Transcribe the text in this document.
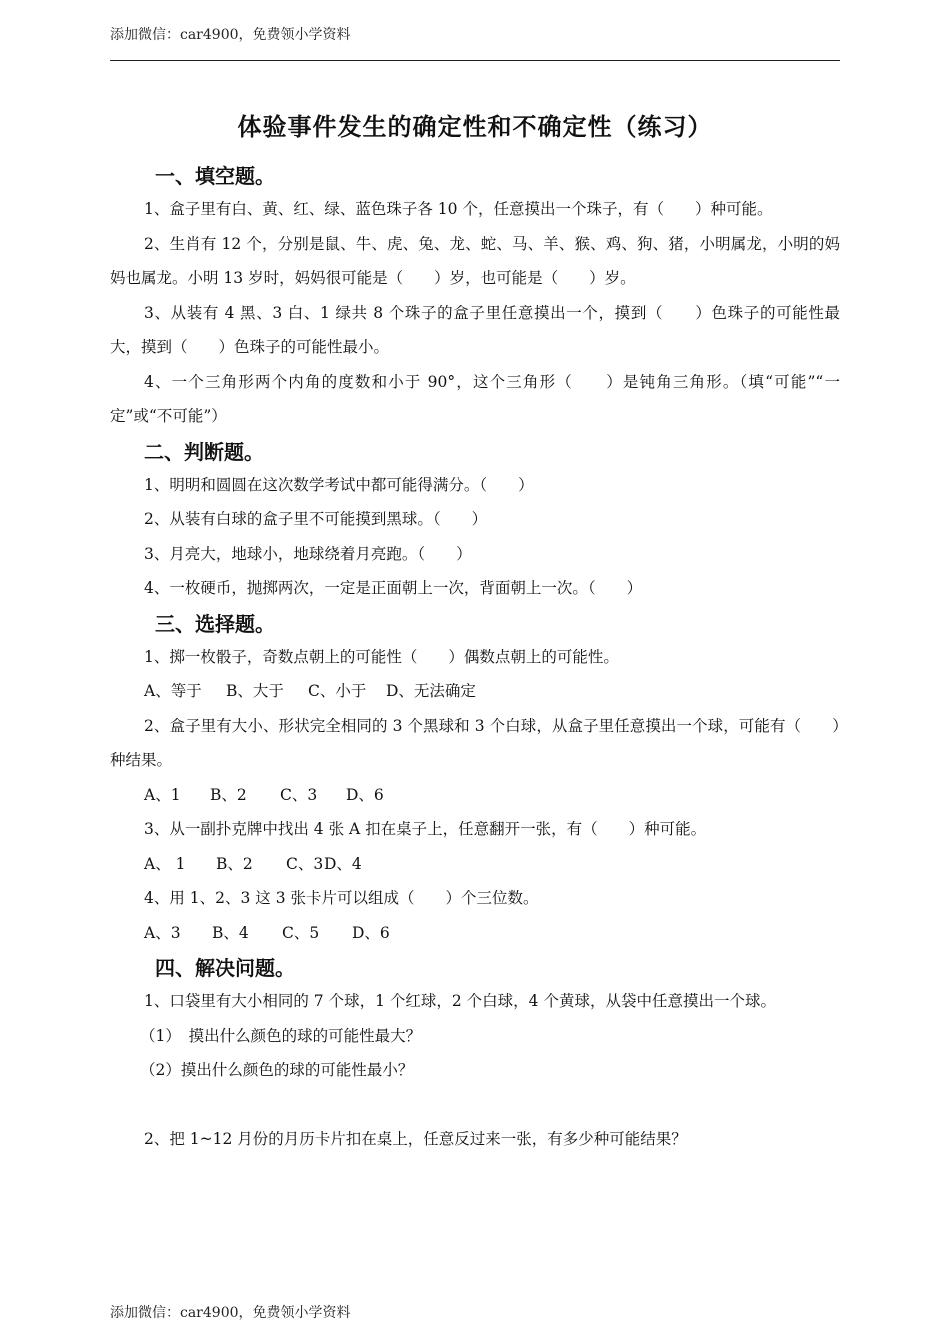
添加微信：car4900，免费领小学资料
体验事件发生的确定性和不确定性（练习）
一、填空题。

1、盒子里有白、黄、红、绿、蓝色珠子各 10 个，任意摸出一个珠子，有（　　）种可能。

2、生肖有 12 个，分别是鼠、牛、虎、兔、龙、蛇、马、羊、猴、鸡、狗、猪，小明属龙，小明的妈妈也属龙。小明 13 岁时，妈妈很可能是（　　）岁，也可能是（　　）岁。

3、从装有 4 黑、3 白、1 绿共 8 个珠子的盒子里任意摸出一个，摸到（　　）色珠子的可能性最大，摸到（　　）色珠子的可能性最小。

4、一个三角形两个内角的度数和小于 90°，这个三角形（　　）是钝角三角形。（填“可能”“一定”或“不可能”）

二、判断题。

1、明明和圆圆在这次数学考试中都可能得满分。（　　）

2、从装有白球的盒子里不可能摸到黑球。（　　）

3、月亮大，地球小，地球绕着月亮跑。（　　）

4、一枚硬币，抛掷两次，一定是正面朝上一次，背面朝上一次。（　　）

三、选择题。

1、掷一枚骰子，奇数点朝上的可能性（　　）偶数点朝上的可能性。

A、等于 B、大于 C、小于 D、无法确定

2、盒子里有大小、形状完全相同的 3 个黑球和 3 个白球，从盒子里任意摸出一个球，可能有（　　）种结果。

A、1 B、2 C、3 D、6

3、从一副扑克牌中找出 4 张 A 扣在桌子上，任意翻开一张，有（　　）种可能。

A、 1 B、2 C、3D、4

4、用 1、2、3 这 3 张卡片可以组成（　　）个三位数。

A、3 B、4 C、5 D、6

四、解决问题。

1、口袋里有大小相同的 7 个球，1 个红球，2 个白球，4 个黄球，从袋中任意摸出一个球。

（1）　摸出什么颜色的球的可能性最大？

（2）摸出什么颜色的球的可能性最小？

2、把 1~12 月份的月历卡片扣在桌上，任意反过来一张，有多少种可能结果？

添加微信：car4900，免费领小学资料
